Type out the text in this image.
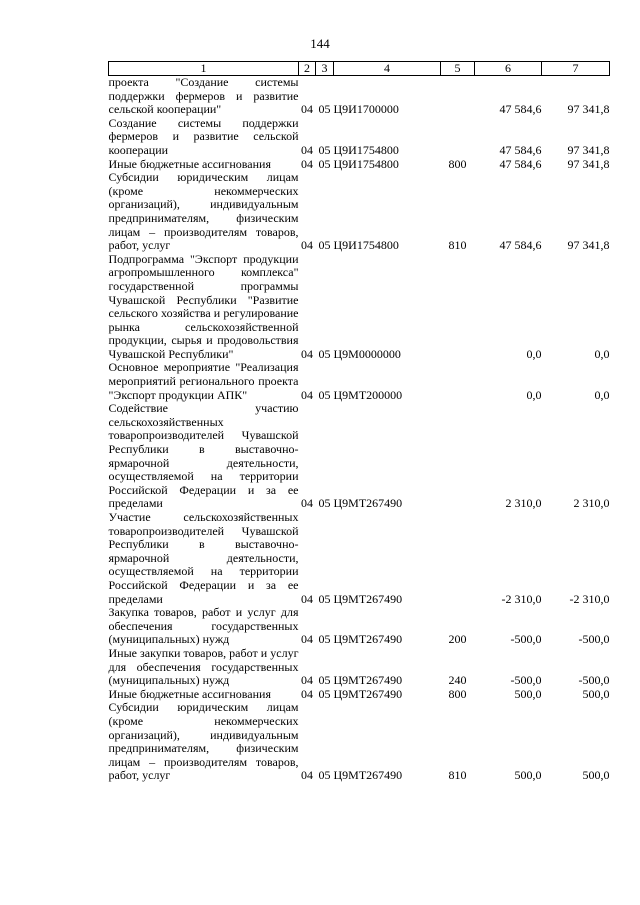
144
1	2	3	4	5	6	7
проекта "Создание системы поддержки фермеров и развитие сельской кооперации"	04	05	Ц9И1700000		47 584,6	97 341,8
Создание системы поддержки фермеров и развитие сельской кооперации	04	05	Ц9И1754800		47 584,6	97 341,8
Иные бюджетные ассигнования	04	05	Ц9И1754800	800	47 584,6	97 341,8
Субсидии юридическим лицам (кроме некоммерческих организаций), индивидуальным предпринимателям, физическим лицам – производителям товаров, работ, услуг	04	05	Ц9И1754800	810	47 584,6	97 341,8
Подпрограмма "Экспорт продукции агропромышленного комплекса" государственной программы Чувашской Республики "Развитие сельского хозяйства и регулирование рынка сельскохозяйственной продукции, сырья и продовольствия Чувашской Республики"	04	05	Ц9М0000000		0,0	0,0
Основное мероприятие "Реализация мероприятий регионального проекта "Экспорт продукции АПК"	04	05	Ц9МТ200000		0,0	0,0
Содействие участию сельскохозяйственных товаропроизводителей Чувашской Республики в выставочно-ярмарочной деятельности, осуществляемой на территории Российской Федерации и за ее пределами	04	05	Ц9МТ267490		2 310,0	2 310,0
Участие сельскохозяйственных товаропроизводителей Чувашской Республики в выставочно-ярмарочной деятельности, осуществляемой на территории Российской Федерации и за ее пределами	04	05	Ц9МТ267490		-2 310,0	-2 310,0
Закупка товаров, работ и услуг для обеспечения государственных (муниципальных) нужд	04	05	Ц9МТ267490	200	-500,0	-500,0
Иные закупки товаров, работ и услуг для обеспечения государственных (муниципальных) нужд	04	05	Ц9МТ267490	240	-500,0	-500,0
Иные бюджетные ассигнования	04	05	Ц9МТ267490	800	500,0	500,0
Субсидии юридическим лицам (кроме некоммерческих организаций), индивидуальным предпринимателям, физическим лицам – производителям товаров, работ, услуг	04	05	Ц9МТ267490	810	500,0	500,0
